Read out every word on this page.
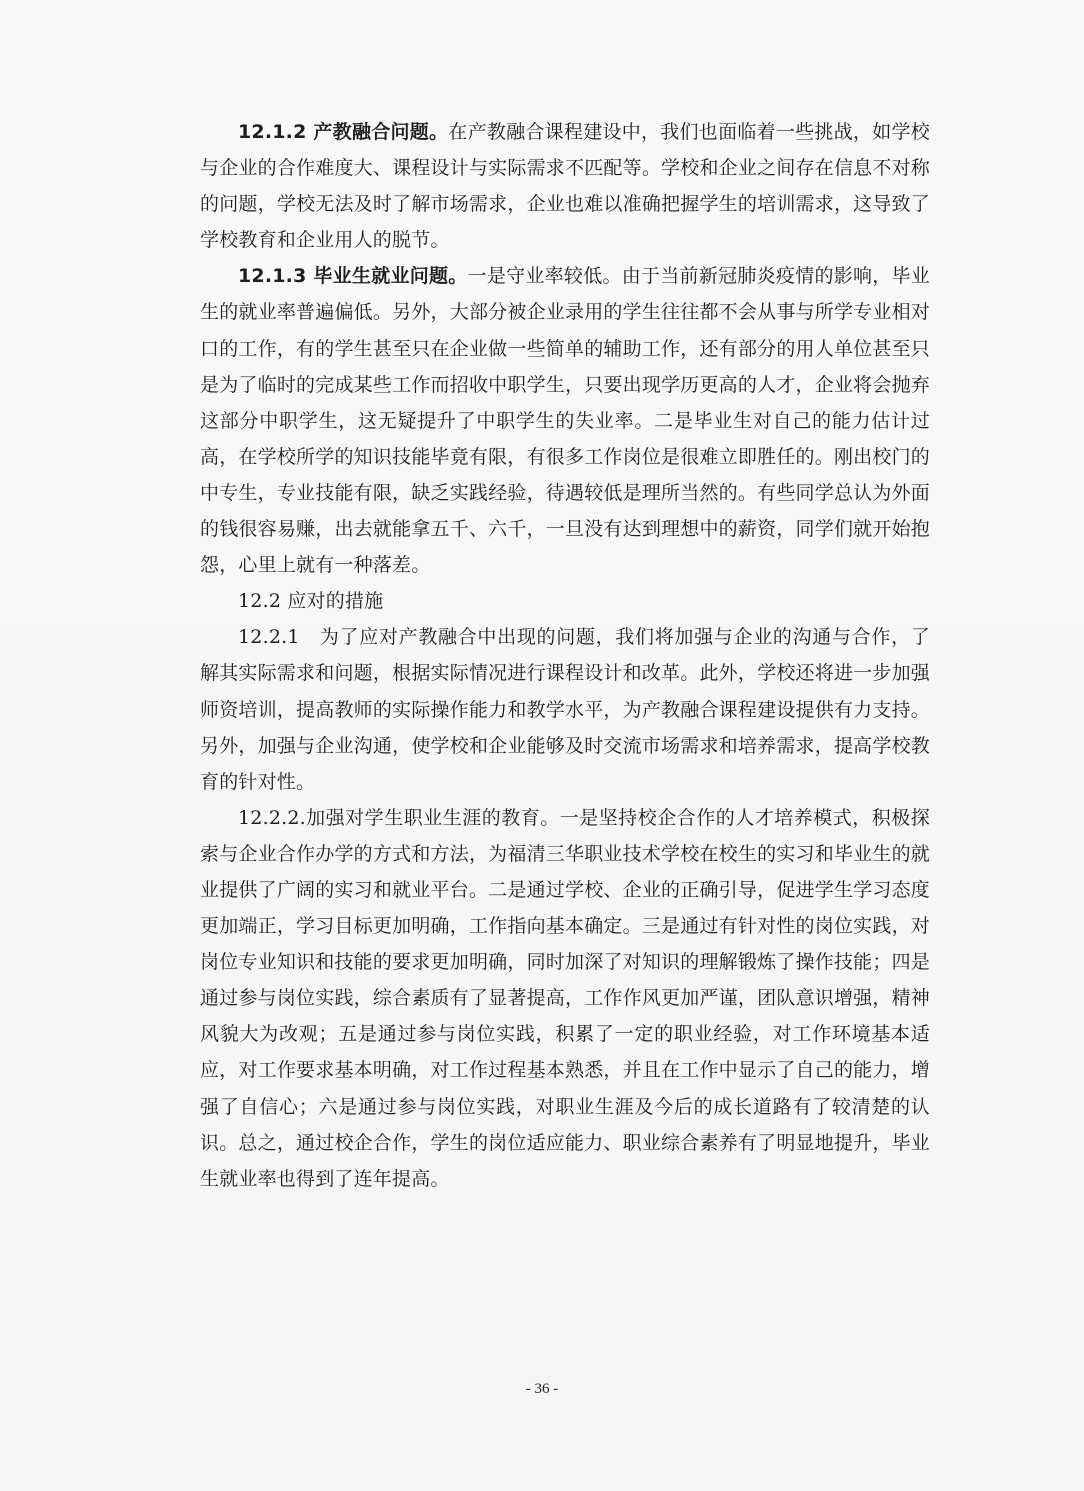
12.1.2 产教融合问题。在产教融合课程建设中，我们也面临着一些挑战，如学校与企业的合作难度大、课程设计与实际需求不匹配等。学校和企业之间存在信息不对称的问题，学校无法及时了解市场需求，企业也难以准确把握学生的培训需求，这导致了学校教育和企业用人的脱节。

12.1.3 毕业生就业问题。一是守业率较低。由于当前新冠肺炎疫情的影响，毕业生的就业率普遍偏低。另外，大部分被企业录用的学生往往都不会从事与所学专业相对口的工作，有的学生甚至只在企业做一些简单的辅助工作，还有部分的用人单位甚至只是为了临时的完成某些工作而招收中职学生，只要出现学历更高的人才，企业将会抛弃这部分中职学生，这无疑提升了中职学生的失业率。二是毕业生对自己的能力估计过高，在学校所学的知识技能毕竟有限，有很多工作岗位是很难立即胜任的。刚出校门的中专生，专业技能有限，缺乏实践经验，待遇较低是理所当然的。有些同学总认为外面的钱很容易赚，出去就能拿五千、六千，一旦没有达到理想中的薪资，同学们就开始抱怨，心里上就有一种落差。

12.2 应对的措施

12.2.1　为了应对产教融合中出现的问题，我们将加强与企业的沟通与合作，了解其实际需求和问题，根据实际情况进行课程设计和改革。此外，学校还将进一步加强师资培训，提高教师的实际操作能力和教学水平，为产教融合课程建设提供有力支持。另外，加强与企业沟通，使学校和企业能够及时交流市场需求和培养需求，提高学校教育的针对性。

12.2.2.加强对学生职业生涯的教育。一是坚持校企合作的人才培养模式，积极探索与企业合作办学的方式和方法，为福清三华职业技术学校在校生的实习和毕业生的就业提供了广阔的实习和就业平台。二是通过学校、企业的正确引导，促进学生学习态度更加端正，学习目标更加明确，工作指向基本确定。三是通过有针对性的岗位实践，对岗位专业知识和技能的要求更加明确，同时加深了对知识的理解锻炼了操作技能；四是通过参与岗位实践，综合素质有了显著提高，工作作风更加严谨，团队意识增强，精神风貌大为改观；五是通过参与岗位实践，积累了一定的职业经验，对工作环境基本适应，对工作要求基本明确，对工作过程基本熟悉，并且在工作中显示了自己的能力，增强了自信心；六是通过参与岗位实践，对职业生涯及今后的成长道路有了较清楚的认识。总之，通过校企合作，学生的岗位适应能力、职业综合素养有了明显地提升，毕业生就业率也得到了连年提高。

- 36 -
